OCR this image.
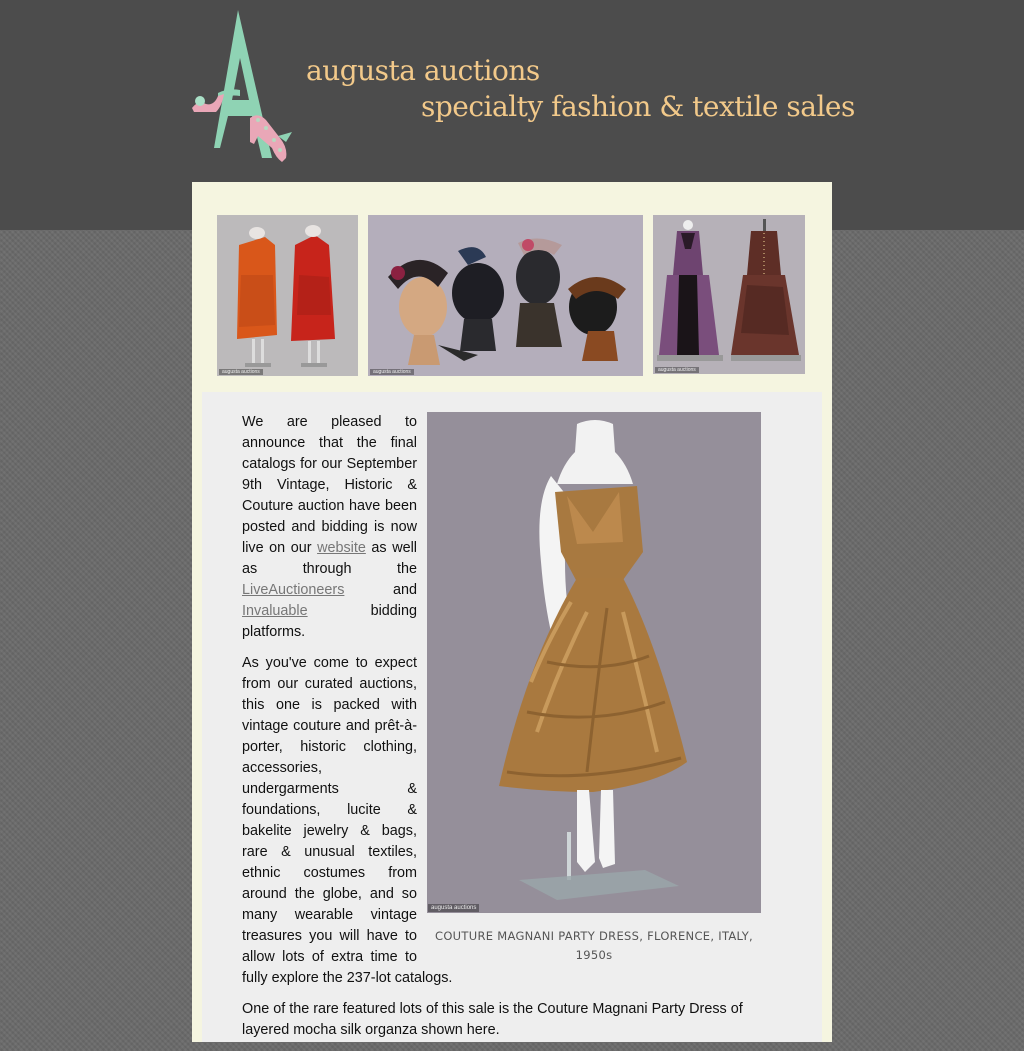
augusta auctions
specialty fashion & textile sales
augusta auctions	augusta auctions	augusta auctions
augusta auctions
COUTURE MAGNANI PARTY DRESS, FLORENCE, ITALY, 1950s

We are pleased to announce that the final catalogs for our September 9th Vintage, Historic & Couture auction have been posted and bidding is now live on our website as well as through the LiveAuctioneers and Invaluable bidding platforms.

As you've come to expect from our curated auctions, this one is packed with vintage couture and prêt-à-porter, historic clothing, accessories, undergarments & foundations, lucite & bakelite jewelry & bags, rare & unusual textiles, ethnic costumes from around the globe, and so many wearable vintage treasures you will have to allow lots of extra time to fully explore the 237-lot catalogs.

One of the rare featured lots of this sale is the Couture Magnani Party Dress of layered mocha silk organza shown here.
